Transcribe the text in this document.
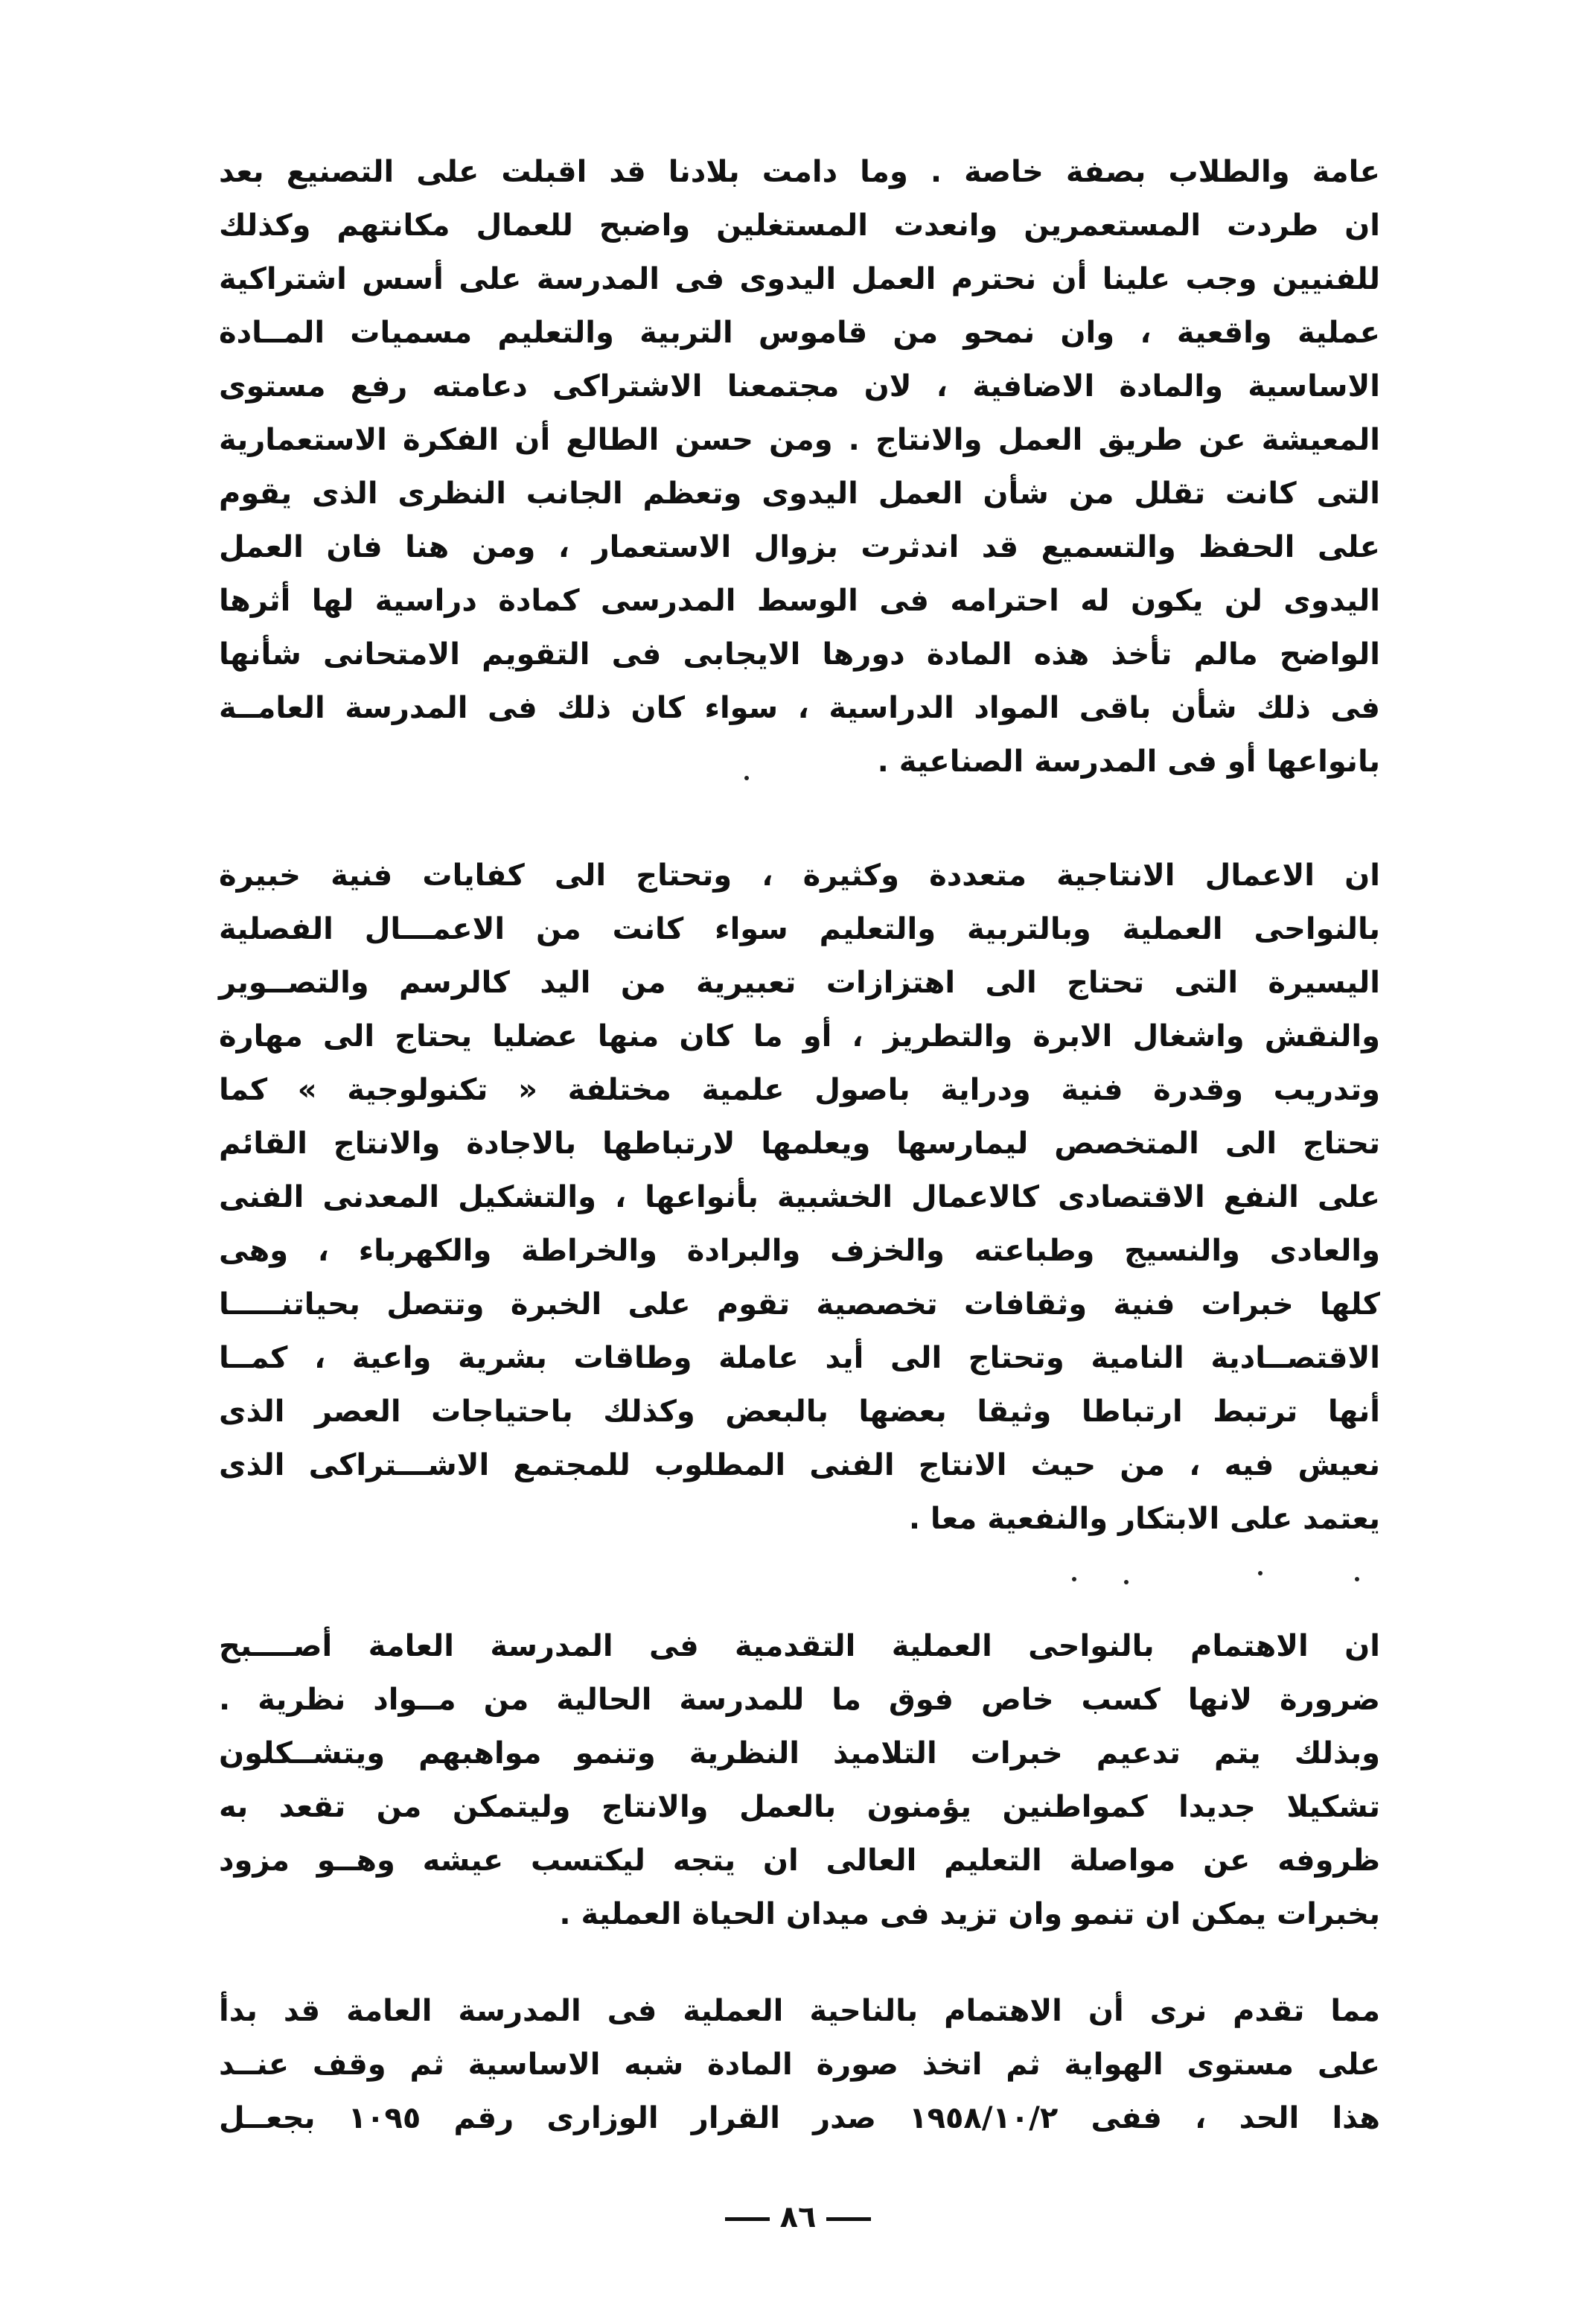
عامة والطلاب بصفة خاصة . وما دامت بلادنا قد اقبلت على التصنيع بعد
ان طردت المستعمرين وانعدت المستغلين واضبح للعمال مكانتهم وكذلك
للفنيين وجب علينا أن نحترم العمل اليدوى فى المدرسة على أسس اشتراكية
عملية واقعية ، وان نمحو من قاموس التربية والتعليم مسميات المــادة
الاساسية والمادة الاضافية ، لان مجتمعنا الاشتراكى دعامته رفع مستوى
المعيشة عن طريق العمل والانتاج . ومن حسن الطالع أن الفكرة الاستعمارية
التى كانت تقلل من شأن العمل اليدوى وتعظم الجانب النظرى الذى يقوم
على الحفظ والتسميع قد اندثرت بزوال الاستعمار ، ومن هنا فان العمل
اليدوى لن يكون له احترامه فى الوسط المدرسى كمادة دراسية لها أثرها
الواضح مالم تأخذ هذه المادة دورها الايجابى فى التقويم الامتحانى شأنها
فى ذلك شأن باقى المواد الدراسية ، سواء كان ذلك فى المدرسة العامــة
بانواعها أو فى المدرسة الصناعية .
ان الاعمال الانتاجية متعددة وكثيرة ، وتحتاج الى كفايات فنية خبيرة
بالنواحى العملية وبالتربية والتعليم سواء كانت من الاعمـــال الفصلية
اليسيرة التى تحتاج الى اهتزازات تعبيرية من اليد كالرسم والتصــوير
والنقش واشغال الابرة والتطريز ، أو ما كان منها عضليا يحتاج الى مهارة
وتدريب وقدرة فنية ودراية باصول علمية مختلفة « تكنولوجية » كما
تحتاج الى المتخصص ليمارسها ويعلمها لارتباطها بالاجادة والانتاج القائم
على النفع الاقتصادى كالاعمال الخشبية بأنواعها ، والتشكيل المعدنى الفنى
والعادى والنسيج وطباعته والخزف والبرادة والخراطة والكهرباء ، وهى
كلها خبرات فنية وثقافات تخصصية تقوم على الخبرة وتتصل بحياتنـــــا
الاقتصــادية النامية وتحتاج الى أيد عاملة وطاقات بشرية واعية ، كمــا
أنها ترتبط ارتباطا وثيقا بعضها بالبعض وكذلك باحتياجات العصر الذى
نعيش فيه ، من حيث الانتاج الفنى المطلوب للمجتمع الاشـــتراكى الذى
يعتمد على الابتكار والنفعية معا .
ان الاهتمام بالنواحى العملية التقدمية فى المدرسة العامة أصــــبح
ضرورة لانها كسب خاص فوق ما للمدرسة الحالية من مــواد نظرية .
وبذلك يتم تدعيم خبرات التلاميذ النظرية وتنمو مواهبهم ويتشــكلون
تشكيلا جديدا كمواطنين يؤمنون بالعمل والانتاج وليتمكن من تقعد به
ظروفه عن مواصلة التعليم العالى ان يتجه ليكتسب عيشه وهــو مزود
بخبرات يمكن ان تنمو وان تزيد فى ميدان الحياة العملية .
مما تقدم نرى أن الاهتمام بالناحية العملية فى المدرسة العامة قد بدأ
على مستوى الهواية ثم اتخذ صورة المادة شبه الاساسية ثم وقف عنــد
هذا الحد ، ففى ١٩٥٨/١٠/٢ صدر القرار الوزارى رقم ١٠٩٥ بجعــل
٨٦
